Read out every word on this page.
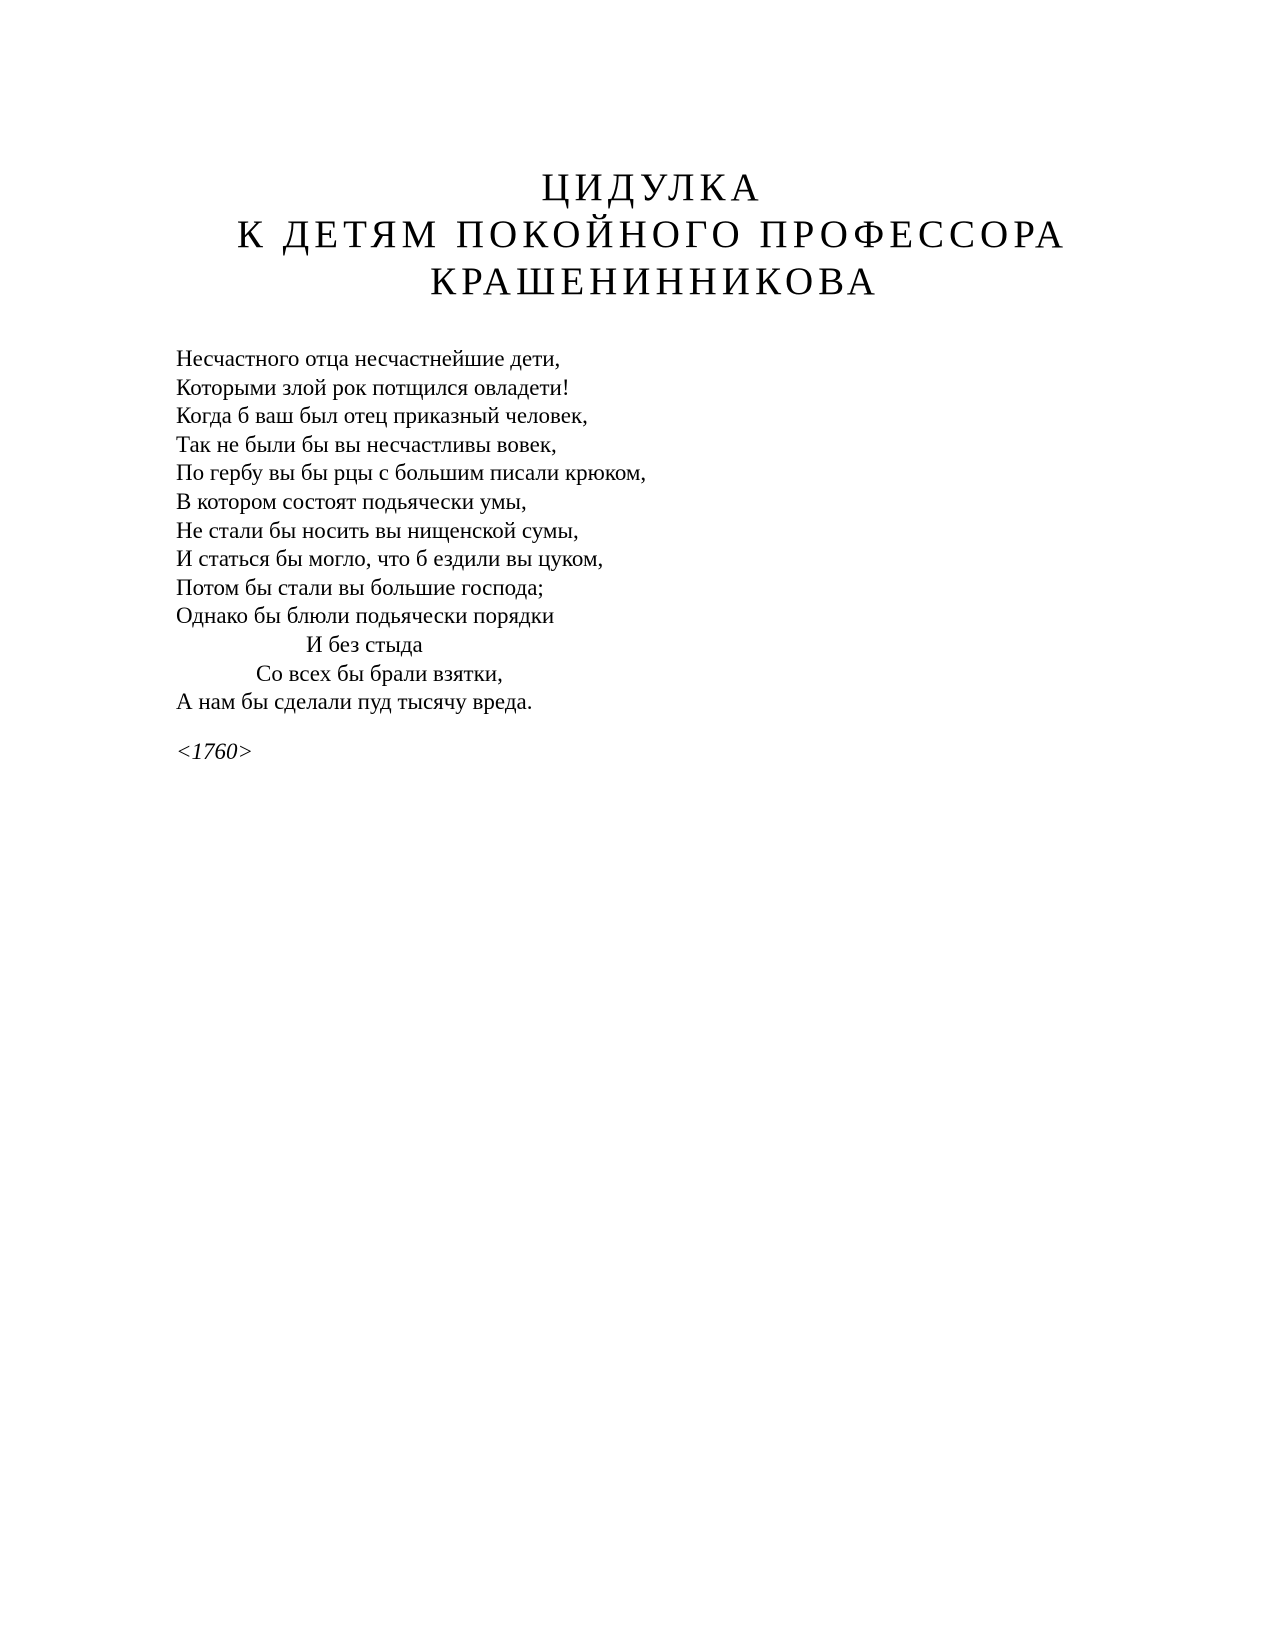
ЦИДУЛКА
К ДЕТЯМ ПОКОЙНОГО ПРОФЕССОРА
КРАШЕНИННИКОВА
Несчастного отца несчастнейшие дети,
Которыми злой рок потщился овладети!
Когда б ваш был отец приказный человек,
Так не были бы вы несчастливы вовек,
По гербу вы бы рцы с большим писали крюком,
В котором состоят подьячески умы,
Не стали бы носить вы нищенской сумы,
И статься бы могло, что б ездили вы цуком,
Потом бы стали вы большие господа;
Однако бы блюли подьячески порядки
И без стыда
Со всех бы брали взятки,
А нам бы сделали пуд тысячу вреда.
<1760>
